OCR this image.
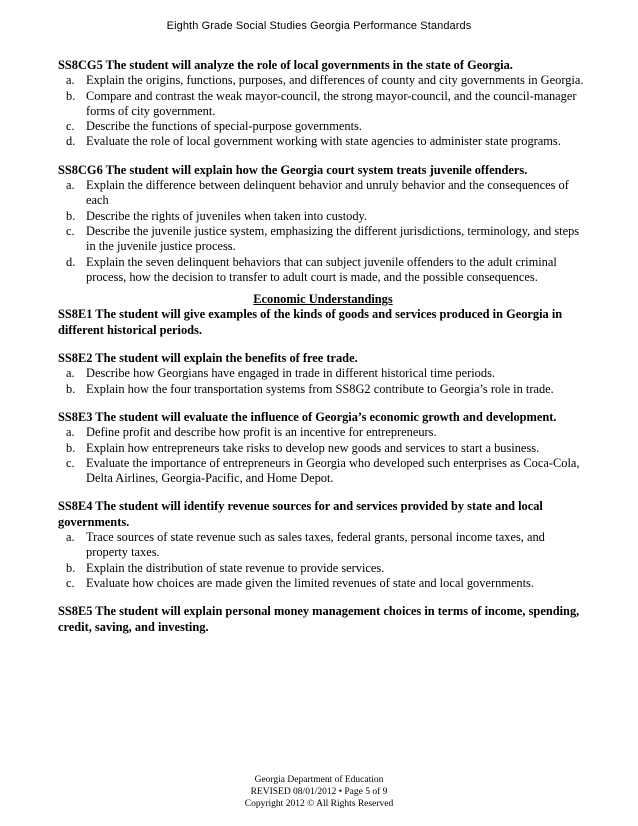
Eighth Grade Social Studies Georgia Performance Standards

SS8CG5 The student will analyze the role of local governments in the state of Georgia.

a. Explain the origins, functions, purposes, and differences of county and city governments in Georgia.
b. Compare and contrast the weak mayor-council, the strong mayor-council, and the council-manager forms of city government.
c. Describe the functions of special-purpose governments.
d. Evaluate the role of local government working with state agencies to administer state programs.

SS8CG6 The student will explain how the Georgia court system treats juvenile offenders.

a. Explain the difference between delinquent behavior and unruly behavior and the consequences of each
b. Describe the rights of juveniles when taken into custody.
c. Describe the juvenile justice system, emphasizing the different jurisdictions, terminology, and steps in the juvenile justice process.
d. Explain the seven delinquent behaviors that can subject juvenile offenders to the adult criminal process, how the decision to transfer to adult court is made, and the possible consequences.

Economic Understandings

SS8E1 The student will give examples of the kinds of goods and services produced in Georgia in different historical periods.

SS8E2 The student will explain the benefits of free trade.

a. Describe how Georgians have engaged in trade in different historical time periods.
b. Explain how the four transportation systems from SS8G2 contribute to Georgia’s role in trade.

SS8E3 The student will evaluate the influence of Georgia’s economic growth and development.

a. Define profit and describe how profit is an incentive for entrepreneurs.
b. Explain how entrepreneurs take risks to develop new goods and services to start a business.
c. Evaluate the importance of entrepreneurs in Georgia who developed such enterprises as Coca-Cola, Delta Airlines, Georgia-Pacific, and Home Depot.

SS8E4 The student will identify revenue sources for and services provided by state and local governments.

a. Trace sources of state revenue such as sales taxes, federal grants, personal income taxes, and property taxes.
b. Explain the distribution of state revenue to provide services.
c. Evaluate how choices are made given the limited revenues of state and local governments.

SS8E5 The student will explain personal money management choices in terms of income, spending, credit, saving, and investing.

Georgia Department of Education
REVISED 08/01/2012 • Page 5 of 9
Copyright 2012 © All Rights Reserved
